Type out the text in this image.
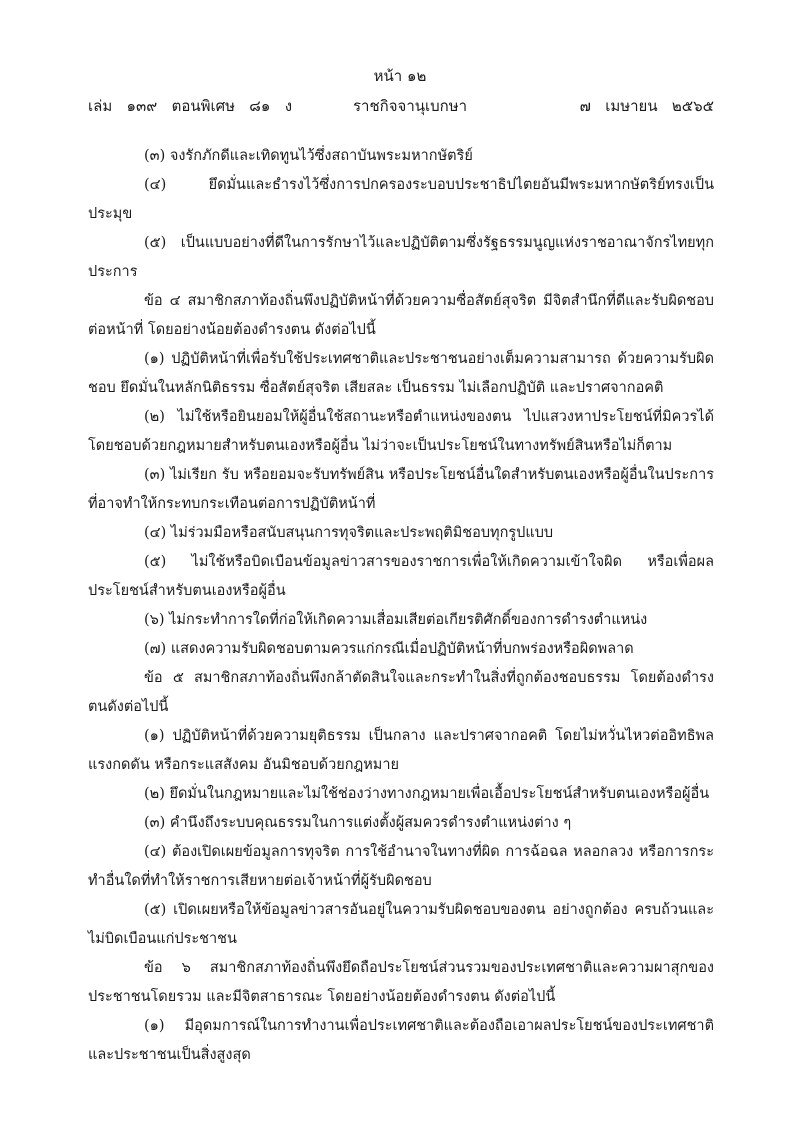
หน้า ๑๒
เล่ม   ๑๓๙   ตอนพิเศษ   ๘๑   ง	ราชกิจจานุเบกษา	๗   เมษายน   ๒๕๖๕

(๓) จงรักภักดีและเทิดทูนไว้ซึ่งสถาบันพระมหากษัตริย์

(๔) ยึดมั่นและธำรงไว้ซึ่งการปกครองระบอบประชาธิปไตยอันมีพระมหากษัตริย์ทรงเป็นประมุข

(๕) เป็นแบบอย่างที่ดีในการรักษาไว้และปฏิบัติตามซึ่งรัฐธรรมนูญแห่งราชอาณาจักรไทยทุกประการ

ข้อ ๔ สมาชิกสภาท้องถิ่นพึงปฏิบัติหน้าที่ด้วยความซื่อสัตย์สุจริต มีจิตสำนึกที่ดีและรับผิดชอบต่อหน้าที่ โดยอย่างน้อยต้องดำรงตน ดังต่อไปนี้

(๑) ปฏิบัติหน้าที่เพื่อรับใช้ประเทศชาติและประชาชนอย่างเต็มความสามารถ ด้วยความรับผิดชอบ ยึดมั่นในหลักนิติธรรม ซื่อสัตย์สุจริต เสียสละ เป็นธรรม ไม่เลือกปฏิบัติ และปราศจากอคติ

(๒) ไม่ใช้หรือยินยอมให้ผู้อื่นใช้สถานะหรือตำแหน่งของตน ไปแสวงหาประโยชน์ที่มิควรได้โดยชอบด้วยกฎหมายสำหรับตนเองหรือผู้อื่น ไม่ว่าจะเป็นประโยชน์ในทางทรัพย์สินหรือไม่ก็ตาม

(๓) ไม่เรียก รับ หรือยอมจะรับทรัพย์สิน หรือประโยชน์อื่นใดสำหรับตนเองหรือผู้อื่นในประการที่อาจทำให้กระทบกระเทือนต่อการปฏิบัติหน้าที่

(๔) ไม่ร่วมมือหรือสนับสนุนการทุจริตและประพฤติมิชอบทุกรูปแบบ

(๕) ไม่ใช้หรือบิดเบือนข้อมูลข่าวสารของราชการเพื่อให้เกิดความเข้าใจผิด หรือเพื่อผลประโยชน์สำหรับตนเองหรือผู้อื่น

(๖) ไม่กระทำการใดที่ก่อให้เกิดความเสื่อมเสียต่อเกียรติศักดิ์ของการดำรงตำแหน่ง

(๗) แสดงความรับผิดชอบตามควรแก่กรณีเมื่อปฏิบัติหน้าที่บกพร่องหรือผิดพลาด

ข้อ ๕ สมาชิกสภาท้องถิ่นพึงกล้าตัดสินใจและกระทำในสิ่งที่ถูกต้องชอบธรรม โดยต้องดำรงตนดังต่อไปนี้

(๑) ปฏิบัติหน้าที่ด้วยความยุติธรรม เป็นกลาง และปราศจากอคติ โดยไม่หวั่นไหวต่ออิทธิพลแรงกดดัน หรือกระแสสังคม อันมิชอบด้วยกฎหมาย

(๒) ยึดมั่นในกฎหมายและไม่ใช้ช่องว่างทางกฎหมายเพื่อเอื้อประโยชน์สำหรับตนเองหรือผู้อื่น

(๓) คำนึงถึงระบบคุณธรรมในการแต่งตั้งผู้สมควรดำรงตำแหน่งต่าง ๆ

(๔) ต้องเปิดเผยข้อมูลการทุจริต การใช้อำนาจในทางที่ผิด การฉ้อฉล หลอกลวง หรือการกระทำอื่นใดที่ทำให้ราชการเสียหายต่อเจ้าหน้าที่ผู้รับผิดชอบ

(๕) เปิดเผยหรือให้ข้อมูลข่าวสารอันอยู่ในความรับผิดชอบของตน อย่างถูกต้อง ครบถ้วนและไม่บิดเบือนแก่ประชาชน

ข้อ ๖ สมาชิกสภาท้องถิ่นพึงยึดถือประโยชน์ส่วนรวมของประเทศชาติและความผาสุกของประชาชนโดยรวม และมีจิตสาธารณะ โดยอย่างน้อยต้องดำรงตน ดังต่อไปนี้

(๑) มีอุดมการณ์ในการทำงานเพื่อประเทศชาติและต้องถือเอาผลประโยชน์ของประเทศชาติและประชาชนเป็นสิ่งสูงสุด
